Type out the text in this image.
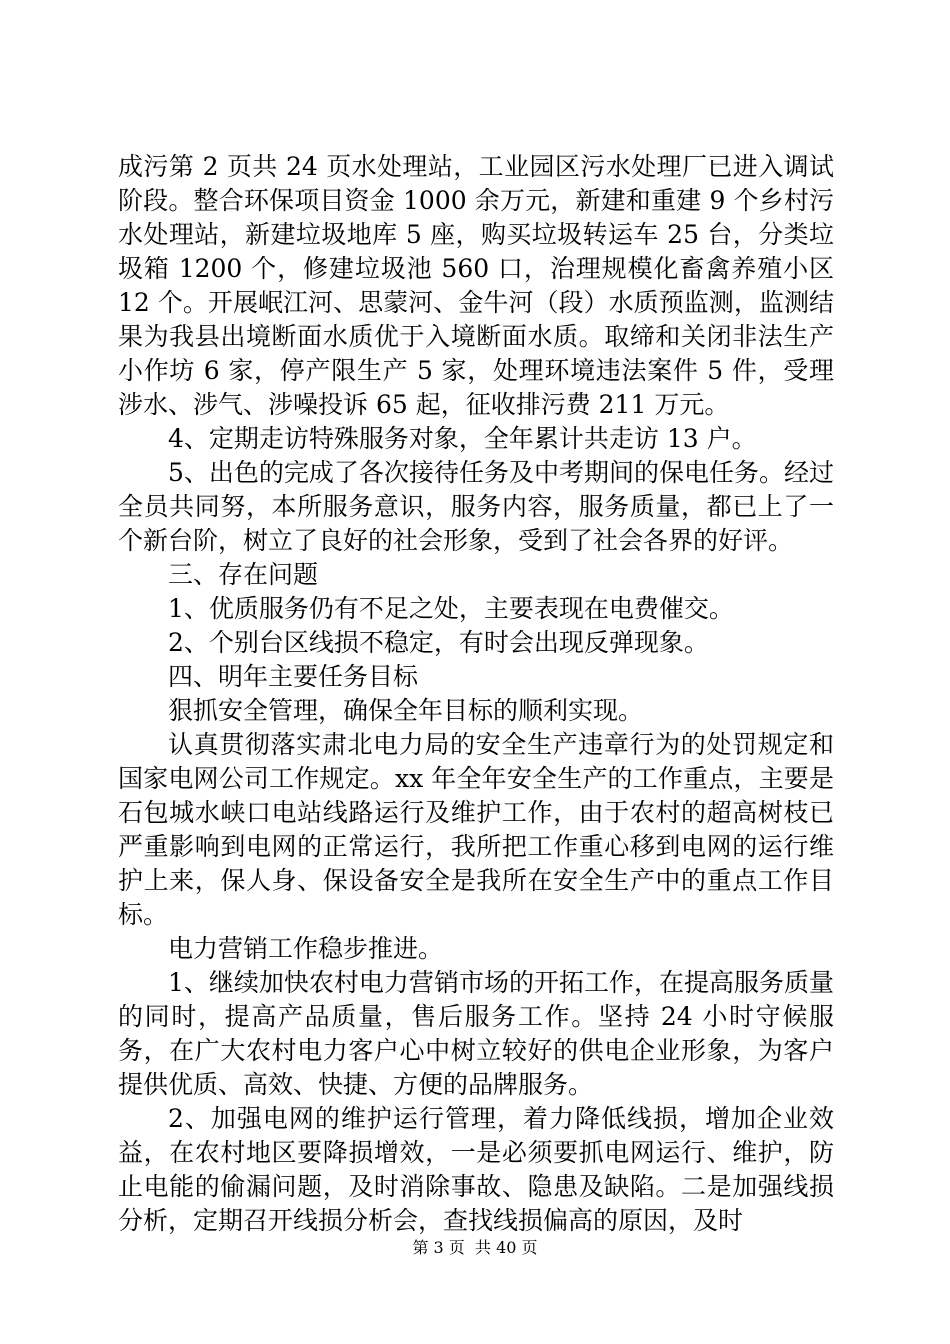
成污第 2 页共 24 页水处理站，工业园区污水处理厂已进入调试阶段。整合环保项目资金 1000 余万元，新建和重建 9 个乡村污水处理站，新建垃圾地库 5 座，购买垃圾转运车 25 台，分类垃圾箱 1200 个，修建垃圾池 560 口，治理规模化畜禽养殖小区 12 个。开展岷江河、思蒙河、金牛河（段）水质预监测，监测结果为我县出境断面水质优于入境断面水质。取缔和关闭非法生产小作坊 6 家，停产限生产 5 家，处理环境违法案件 5 件，受理涉水、涉气、涉噪投诉 65 起，征收排污费 211 万元。

4、定期走访特殊服务对象，全年累计共走访 13 户。

5、出色的完成了各次接待任务及中考期间的保电任务。经过全员共同努，本所服务意识，服务内容，服务质量，都已上了一个新台阶，树立了良好的社会形象，受到了社会各界的好评。

三、存在问题

1、优质服务仍有不足之处，主要表现在电费催交。

2、个别台区线损不稳定，有时会出现反弹现象。

四、明年主要任务目标

狠抓安全管理，确保全年目标的顺利实现。

认真贯彻落实肃北电力局的安全生产违章行为的处罚规定和国家电网公司工作规定。xx 年全年安全生产的工作重点，主要是石包城水峡口电站线路运行及维护工作，由于农村的超高树枝已严重影响到电网的正常运行，我所把工作重心移到电网的运行维护上来，保人身、保设备安全是我所在安全生产中的重点工作目标。

电力营销工作稳步推进。

1、继续加快农村电力营销市场的开拓工作，在提高服务质量的同时，提高产品质量，售后服务工作。坚持 24 小时守候服务，在广大农村电力客户心中树立较好的供电企业形象，为客户提供优质、高效、快捷、方便的品牌服务。

2、加强电网的维护运行管理，着力降低线损，增加企业效益，在农村地区要降损增效，一是必须要抓电网运行、维护，防止电能的偷漏问题，及时消除事故、隐患及缺陷。二是加强线损分析，定期召开线损分析会，查找线损偏高的原因，及时

第 3 页 共 40 页
